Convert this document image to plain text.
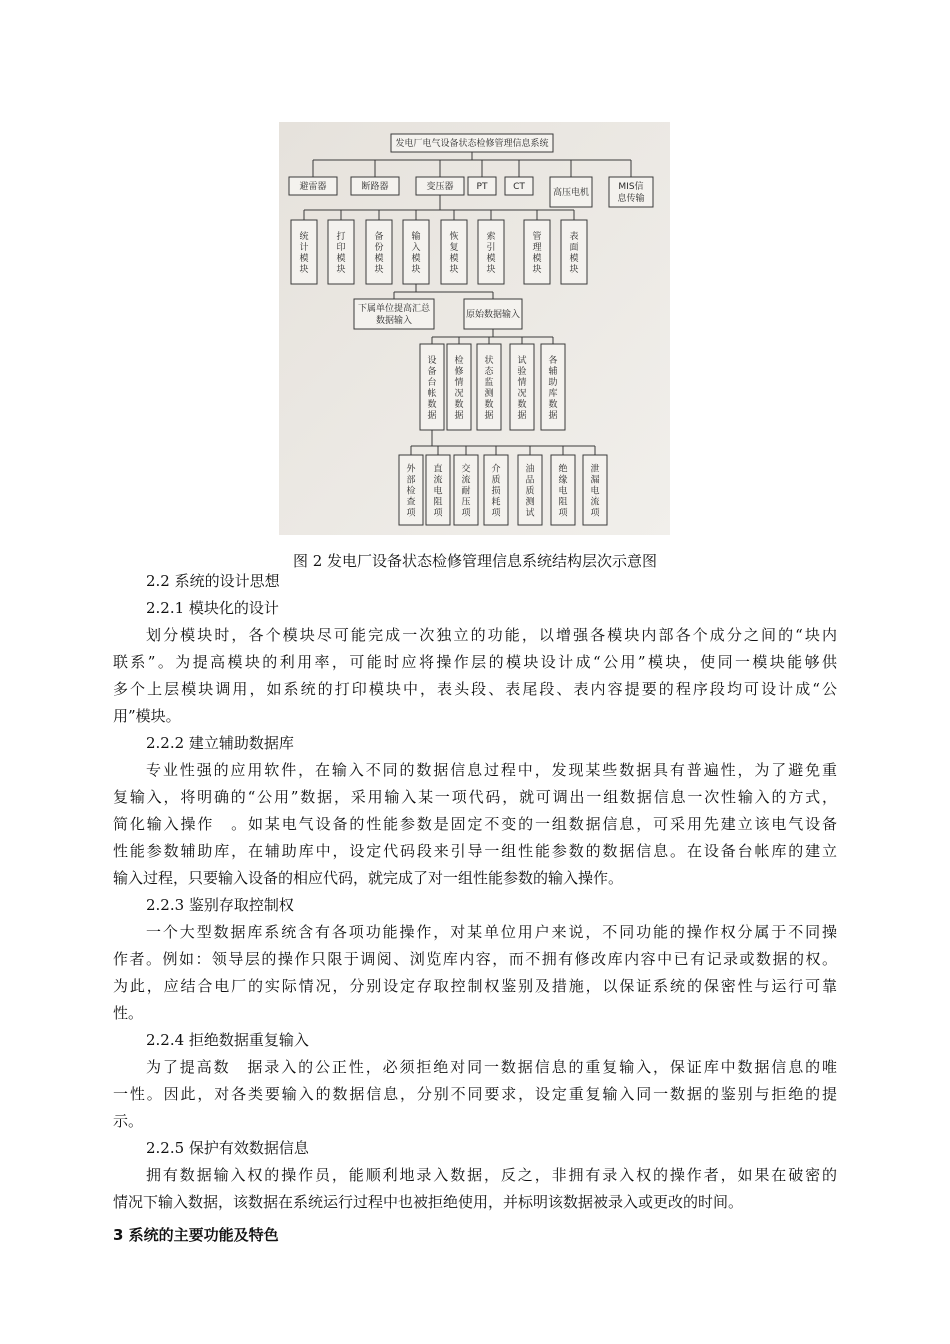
发电厂电气设备状态检修管理信息系统
避雷器	断路器	变压器	PT	CT
高压电机
MIS信
息传输
统
计
模
块
打
印
模
块
备
份
模
块
输
入
模
块
恢
复
模
块
索
引
模
块
管
理
模
块
表
面
模
块
下属单位提高汇总
数据输入
原始数据输入
设
备
台
帐
数
据
检
修
情
况
数
据
状
态
监
测
数
据
试
验
情
况
数
据
各
辅
助
库
数
据
外
部
检
查
项
直
流
电
阻
项
交
流
耐
压
项
介
质
损
耗
项
油
品
质
测
试
绝
缘
电
阻
项
泄
漏
电
流
项
图 2 发电厂设备状态检修管理信息系统结构层次示意图
2.2 系统的设计思想
2.2.1 模块化的设计
划分模块时，各个模块尽可能完成一次独立的功能，以增强各模块内部各个成分之间的“块内
联系”。为提高模块的利用率，可能时应将操作层的模块设计成“公用”模块，使同一模块能够供
多个上层模块调用，如系统的打印模块中，表头段、表尾段、表内容提要的程序段均可设计成“公
用”模块。
2.2.2 建立辅助数据库
专业性强的应用软件，在输入不同的数据信息过程中，发现某些数据具有普遍性，为了避免重
复输入，将明确的“公用”数据，采用输入某一项代码，就可调出一组数据信息一次性输入的方式，
简化输入操作　。如某电气设备的性能参数是固定不变的一组数据信息，可采用先建立该电气设备
性能参数辅助库，在辅助库中，设定代码段来引导一组性能参数的数据信息。在设备台帐库的建立
输入过程，只要输入设备的相应代码，就完成了对一组性能参数的输入操作。
2.2.3 鉴别存取控制权
一个大型数据库系统含有各项功能操作，对某单位用户来说，不同功能的操作权分属于不同操
作者。例如：领导层的操作只限于调阅、浏览库内容，而不拥有修改库内容中已有记录或数据的权。
为此，应结合电厂的实际情况，分别设定存取控制权鉴别及措施，以保证系统的保密性与运行可靠
性。
2.2.4 拒绝数据重复输入
为了提高数　据录入的公正性，必须拒绝对同一数据信息的重复输入，保证库中数据信息的唯
一性。因此，对各类要输入的数据信息，分别不同要求，设定重复输入同一数据的鉴别与拒绝的提
示。
2.2.5 保护有效数据信息
拥有数据输入权的操作员，能顺利地录入数据，反之，非拥有录入权的操作者，如果在破密的
情况下输入数据，该数据在系统运行过程中也被拒绝使用，并标明该数据被录入或更改的时间。
3 系统的主要功能及特色
